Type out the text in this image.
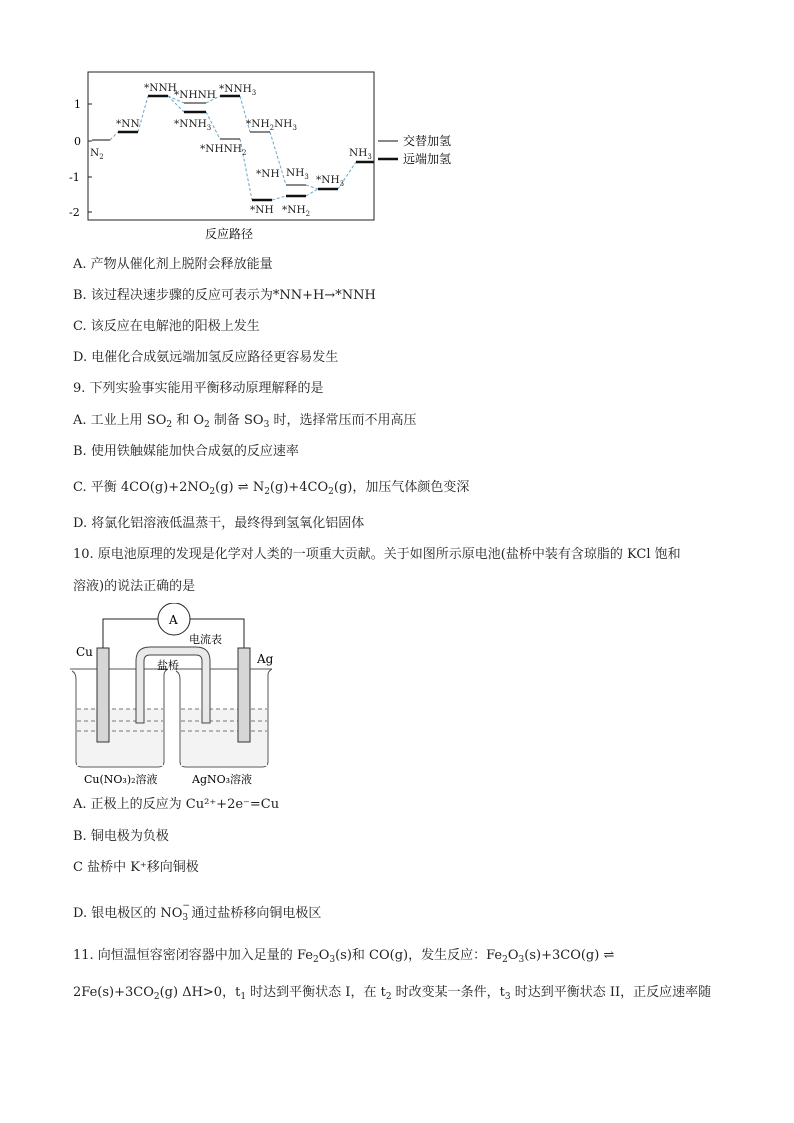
1
0
-1
-2
$N_2$
*NN
*NNH
*NHNH
$*NNH_3$
$*NNH_3$
$*NHNH_2$
$*NH_2NH_3$
*NH
*NH
$NH_3$
$*NH_2$
$*NH_3$
$NH_3$
交替加氢
远端加氢
反应路径
A. 产物从催化剂上脱附会释放能量
B. 该过程决速步骤的反应可表示为*NN+H→*NNH
C. 该反应在电解池的阳极上发生
D. 电催化合成氨远端加氢反应路径更容易发生
9. 下列实验事实能用平衡移动原理解释的是
A. 工业上用 $SO_2$ 和 $O_2$ 制备 $SO_3$ 时，选择常压而不用高压
B. 使用铁触媒能加快合成氨的反应速率
C. 平衡 $4CO(g)+2NO_2(g)$ ⇌ $N_2(g)+4CO_2(g)$，加压气体颜色变深
D. 将氯化铝溶液低温蒸干，最终得到氢氧化铝固体
10. 原电池原理的发现是化学对人类的一项重大贡献。关于如图所示原电池(盐桥中装有含琼脂的 KCl 饱和
溶液)的说法正确的是
A
电流表
盐桥
Cu	Ag
Cu(NO₃)₂溶液	AgNO₃溶液
A. 正极上的反应为 Cu²⁺+2e⁻=Cu
B. 铜电极为负极
C 盐桥中 K⁺移向铜极
D. 银电极区的 NO −
3 通过盐桥移向铜电极区
11. 向恒温恒容密闭容器中加入足量的 $Fe_2O_3(s)$和 CO(g)，发生反应：$Fe_2O_3(s)+3CO(g)$ ⇌
$2Fe(s)+3CO_2(g)$ ΔH>0，$t_1$ 时达到平衡状态 I，在 $t_2$ 时改变某一条件，$t_3$ 时达到平衡状态 II，正反应速率随
